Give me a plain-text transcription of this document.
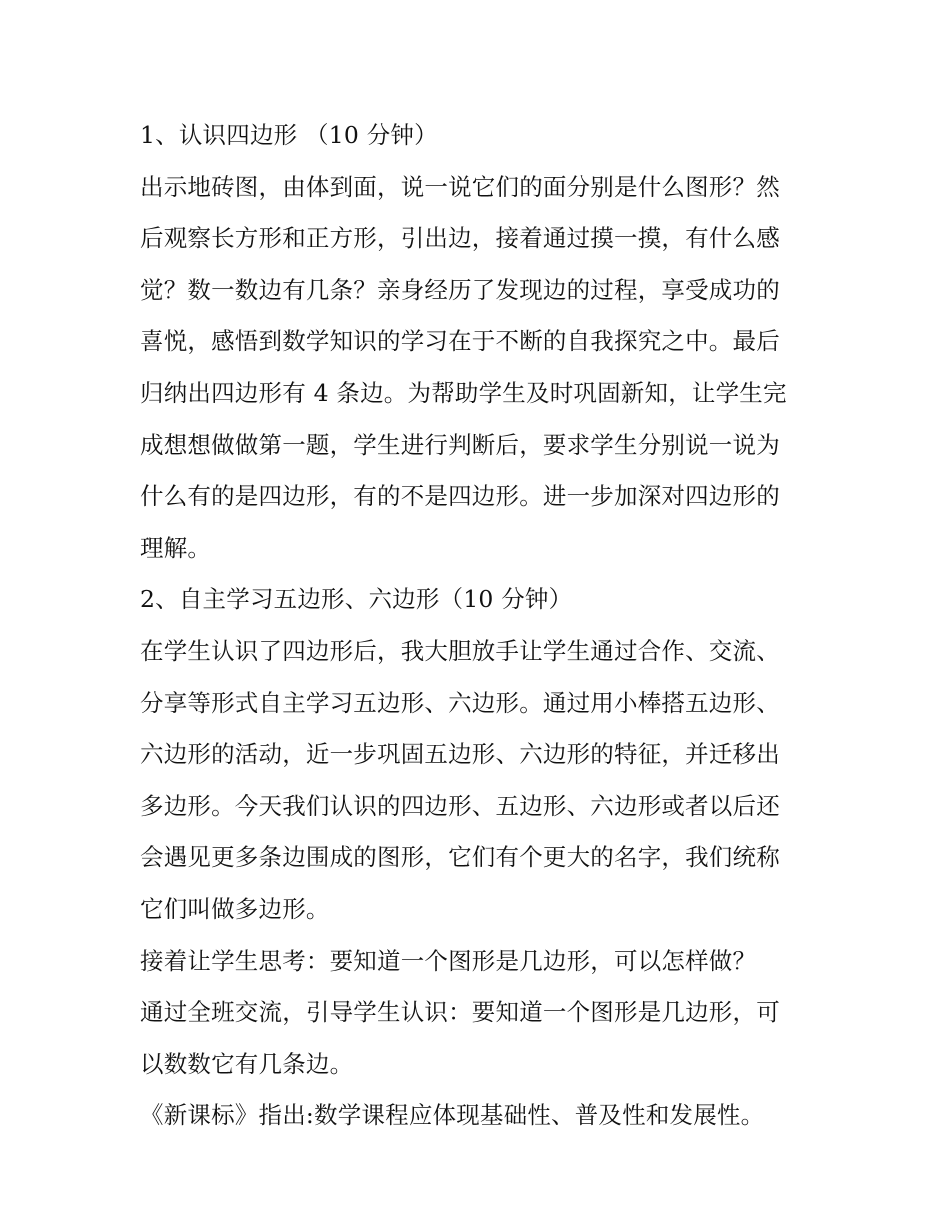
1、认识四边形 （10 分钟）
出示地砖图，由体到面，说一说它们的面分别是什么图形？然
后观察长方形和正方形，引出边，接着通过摸一摸，有什么感
觉？数一数边有几条？亲身经历了发现边的过程，享受成功的
喜悦，感悟到数学知识的学习在于不断的自我探究之中。最后
归纳出四边形有 4 条边。为帮助学生及时巩固新知，让学生完
成想想做做第一题，学生进行判断后，要求学生分别说一说为
什么有的是四边形，有的不是四边形。进一步加深对四边形的
理解。
2、自主学习五边形、六边形（10 分钟）
在学生认识了四边形后，我大胆放手让学生通过合作、交流、
分享等形式自主学习五边形、六边形。通过用小棒搭五边形、
六边形的活动，近一步巩固五边形、六边形的特征，并迁移出
多边形。今天我们认识的四边形、五边形、六边形或者以后还
会遇见更多条边围成的图形，它们有个更大的名字，我们统称
它们叫做多边形。
接着让学生思考：要知道一个图形是几边形，可以怎样做？
通过全班交流，引导学生认识：要知道一个图形是几边形，可
以数数它有几条边。
《新课标》指出:数学课程应体现基础性、普及性和发展性。
